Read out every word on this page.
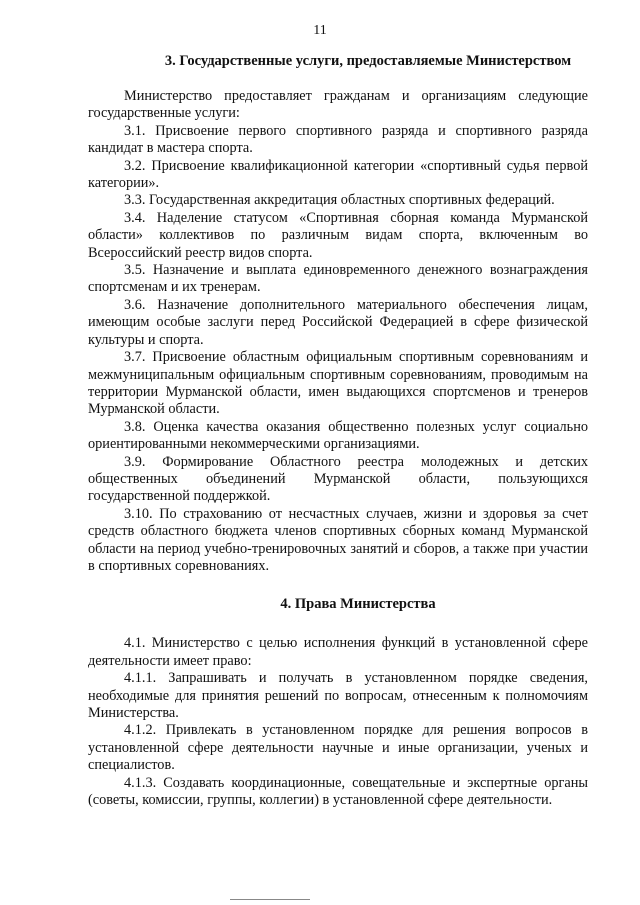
11
3. Государственные услуги, предоставляемые Министерством

Министерство предоставляет гражданам и организациям следующие государственные услуги:

3.1. Присвоение первого спортивного разряда и спортивного разряда кандидат в мастера спорта.

3.2. Присвоение квалификационной категории «спортивный судья первой категории».

3.3. Государственная аккредитация областных спортивных федераций.

3.4. Наделение статусом «Спортивная сборная команда Мурманской области» коллективов по различным видам спорта, включенным во Всероссийский реестр видов спорта.

3.5. Назначение и выплата единовременного денежного вознаграждения спортсменам и их тренерам.

3.6. Назначение дополнительного материального обеспечения лицам, имеющим особые заслуги перед Российской Федерацией в сфере физической культуры и спорта.

3.7. Присвоение областным официальным спортивным соревнованиям и межмуниципальным официальным спортивным соревнованиям, проводимым на территории Мурманской области, имен выдающихся спортсменов и тренеров Мурманской области.

3.8. Оценка качества оказания общественно полезных услуг социально ориентированными некоммерческими организациями.

3.9. Формирование Областного реестра молодежных и детских общественных объединений Мурманской области, пользующихся государственной поддержкой.

3.10. По страхованию от несчастных случаев, жизни и здоровья за счет средств областного бюджета членов спортивных сборных команд Мурманской области на период учебно-тренировочных занятий и сборов, а также при участии в спортивных соревнованиях.

4. Права Министерства

4.1. Министерство с целью исполнения функций в установленной сфере деятельности имеет право:

4.1.1. Запрашивать и получать в установленном порядке сведения, необходимые для принятия решений по вопросам, отнесенным к полномочиям Министерства.

4.1.2. Привлекать в установленном порядке для решения вопросов в установленной сфере деятельности научные и иные организации, ученых и специалистов.

4.1.3. Создавать координационные, совещательные и экспертные органы (советы, комиссии, группы, коллегии) в установленной сфере деятельности.
